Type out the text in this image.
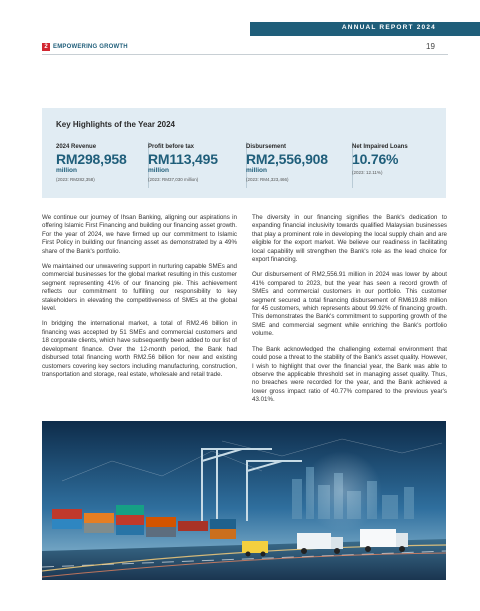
ANNUAL REPORT 2024
2 EMPOWERING GROWTH	19
Key Highlights of the Year 2024
2024 Revenue
RM298,958
million
(2023: RM282,358)
Profit before tax
RM113,495
million
(2023: RM37,030 million)
Disbursement
RM2,556,908
million
(2023: RM4,323,466)
Net Impaired Loans
10.76%
(2023: 12.11%)

We continue our journey of Ihsan Banking, aligning our aspirations in offering Islamic First Financing and building our financing asset growth. For the year of 2024, we have firmed up our commitment to Islamic First Policy in building our financing asset as demonstrated by a 49% share of the Bank's portfolio.

We maintained our unwavering support in nurturing capable SMEs and commercial businesses for the global market resulting in this customer segment representing 41% of our financing pie. This achievement reflects our commitment to fulfilling our responsibility to key stakeholders in elevating the competitiveness of SMEs at the global level.

In bridging the international market, a total of RM2.46 billion in financing was accepted by 51 SMEs and commercial customers and 18 corporate clients, which have subsequently been added to our list of development finance. Over the 12-month period, the Bank had disbursed total financing worth RM2.56 billion for new and existing customers covering key sectors including manufacturing, construction, transportation and storage, real estate, wholesale and retail trade.

The diversity in our financing signifies the Bank's dedication to expanding financial inclusivity towards qualified Malaysian businesses that play a prominent role in developing the local supply chain and are eligible for the export market. We believe our readiness in facilitating local capability will strengthen the Bank's role as the lead choice for export financing.

Our disbursement of RM2,556.91 million in 2024 was lower by about 41% compared to 2023, but the year has seen a record growth of SMEs and commercial customers in our portfolio. This customer segment secured a total financing disbursement of RM619.88 million for 45 customers, which represents about 99.92% of financing growth. This demonstrates the Bank's commitment to supporting growth of the SME and commercial segment while enriching the Bank's portfolio volume.

The Bank acknowledged the challenging external environment that could pose a threat to the stability of the Bank's asset quality. However, I wish to highlight that over the financial year, the Bank was able to observe the applicable threshold set in managing asset quality. Thus, no breaches were recorded for the year, and the Bank achieved a lower gross impact ratio of 40.77% compared to the previous year's 43.01%.
